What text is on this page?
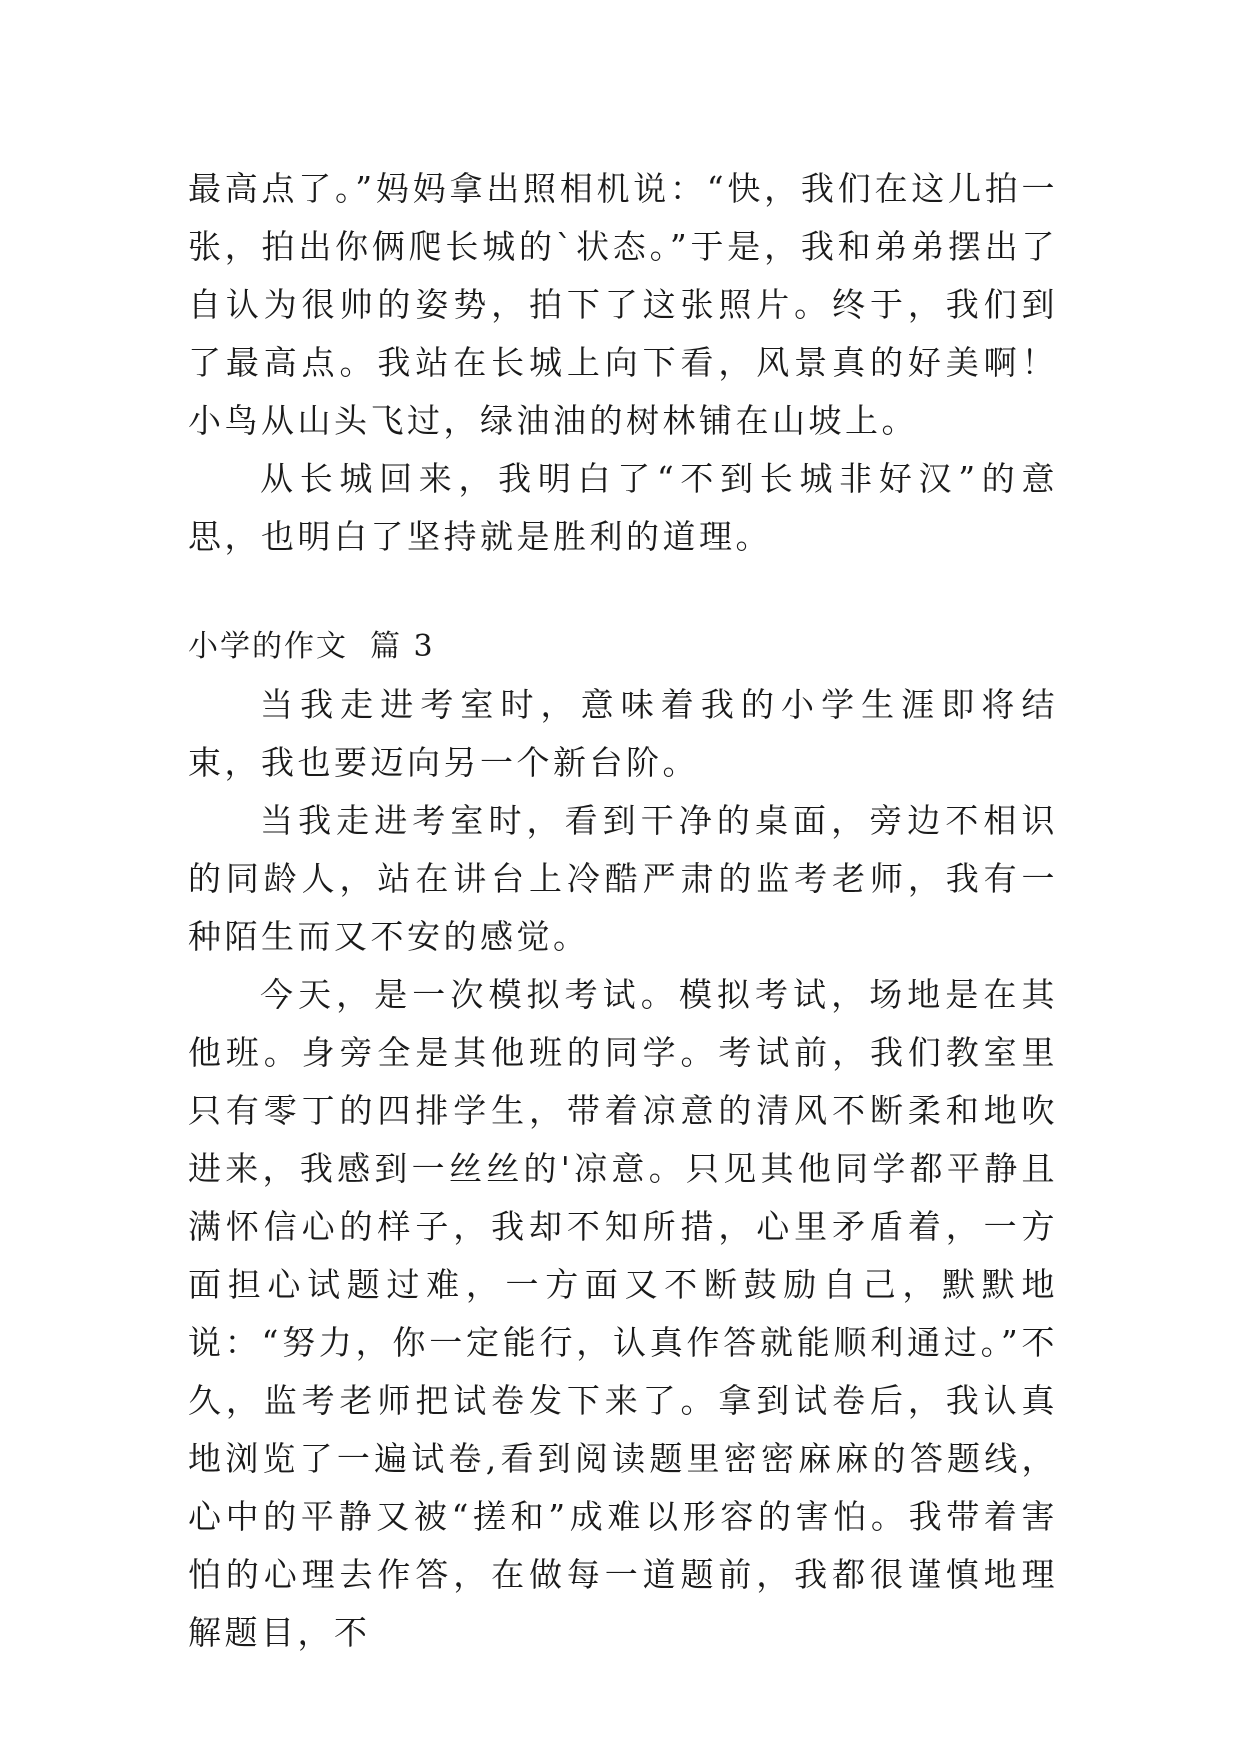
最高点了。”妈妈拿出照相机说：“快，我们在这儿拍一张，拍出你俩爬长城的`状态。”于是，我和弟弟摆出了自认为很帅的姿势，拍下了这张照片。终于，我们到了最高点。我站在长城上向下看，风景真的好美啊！小鸟从山头飞过，绿油油的树林铺在山坡上。

从长城回来，我明白了“不到长城非好汉”的意思，也明白了坚持就是胜利的道理。

小学的作文 篇 3

当我走进考室时，意味着我的小学生涯即将结束，我也要迈向另一个新台阶。

当我走进考室时，看到干净的桌面，旁边不相识的同龄人，站在讲台上冷酷严肃的监考老师，我有一种陌生而又不安的感觉。

今天，是一次模拟考试。模拟考试，场地是在其他班。身旁全是其他班的同学。考试前，我们教室里只有零丁的四排学生，带着凉意的清风不断柔和地吹进来，我感到一丝丝的'凉意。只见其他同学都平静且满怀信心的样子，我却不知所措，心里矛盾着，一方面担心试题过难，一方面又不断鼓励自己，默默地说：“努力，你一定能行，认真作答就能顺利通过。”不久，监考老师把试卷发下来了。拿到试卷后，我认真地浏览了一遍试卷,看到阅读题里密密麻麻的答题线，心中的平静又被“搓和”成难以形容的害怕。我带着害怕的心理去作答，在做每一道题前，我都很谨慎地理解题目，不
